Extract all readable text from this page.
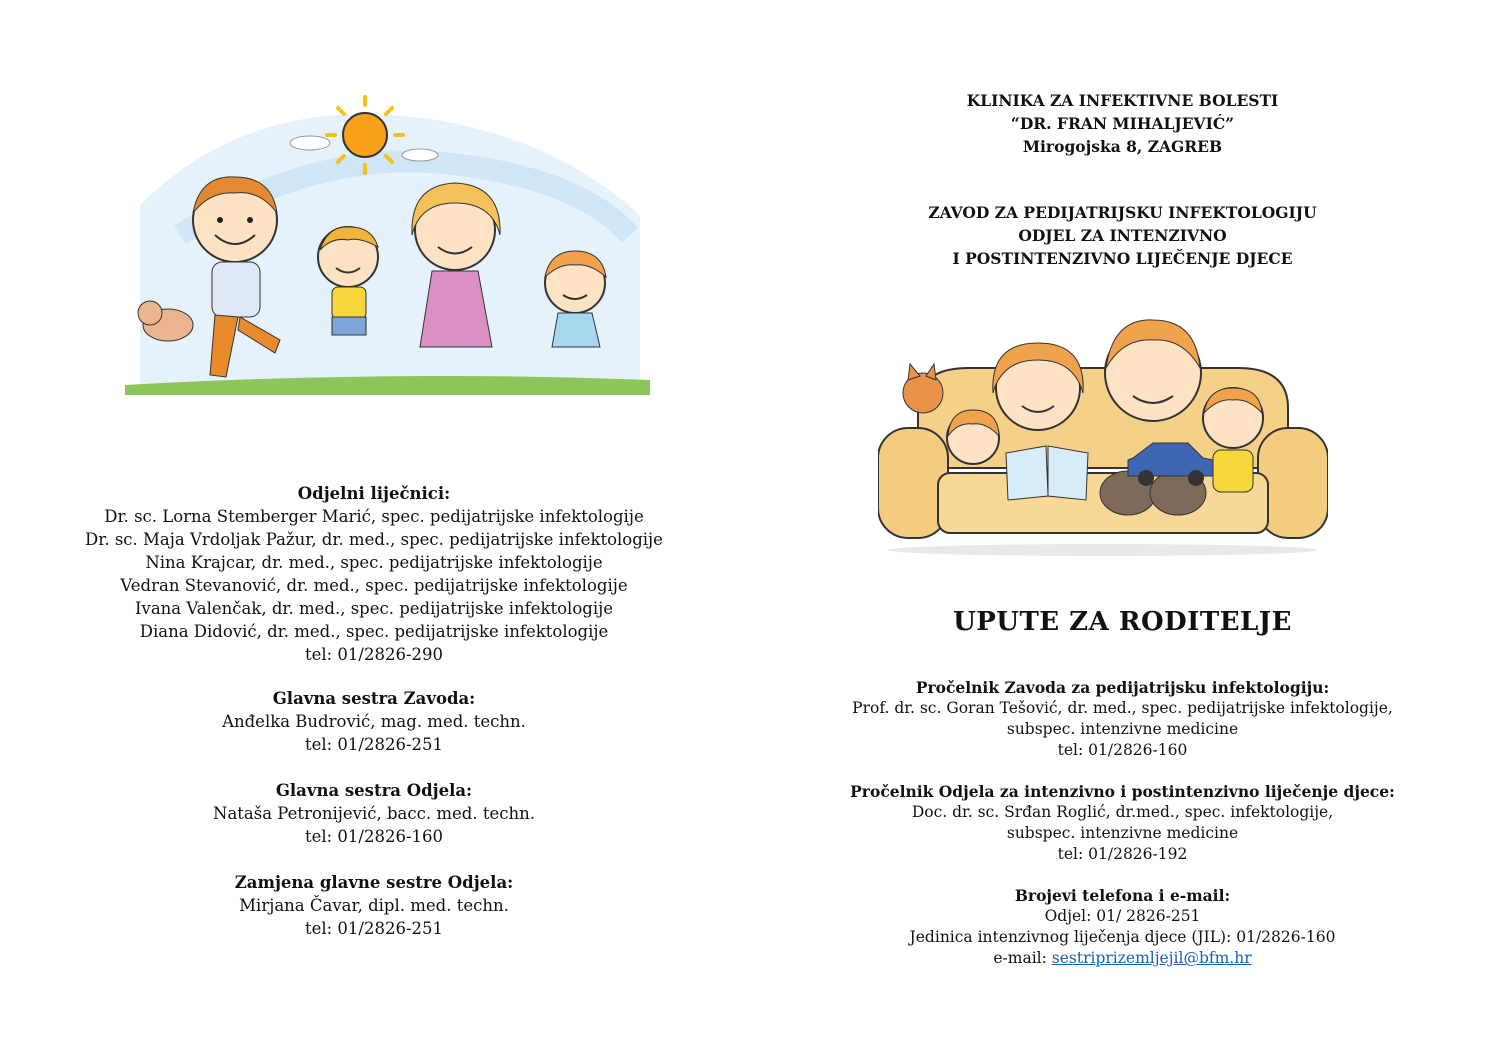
Odjelni liječnici:
Dr. sc. Lorna Stemberger Marić, spec. pedijatrijske infektologije
Dr. sc. Maja Vrdoljak Pažur, dr. med., spec. pedijatrijske infektologije
Nina Krajcar, dr. med., spec. pedijatrijske infektologije
Vedran Stevanović, dr. med., spec. pedijatrijske infektologije
Ivana Valenčak, dr. med., spec. pedijatrijske infektologije
Diana Didović, dr. med., spec. pedijatrijske infektologije
tel: 01/2826-290
Glavna sestra Zavoda:
Anđelka Budrović, mag. med. techn.
tel: 01/2826-251
Glavna sestra Odjela:
Nataša Petronijević, bacc. med. techn.
tel: 01/2826-160
Zamjena glavne sestre Odjela:
Mirjana Čavar, dipl. med. techn.
tel: 01/2826-251
KLINIKA ZA INFEKTIVNE BOLESTI
“DR. FRAN MIHALJEVIĆ”
Mirogojska 8, ZAGREB
ZAVOD ZA PEDIJATRIJSKU INFEKTOLOGIJU
ODJEL ZA INTENZIVNO
I POSTINTENZIVNO LIJEČENJE DJECE
UPUTE ZA RODITELJE
Pročelnik Zavoda za pedijatrijsku infektologiju:
Prof. dr. sc. Goran Tešović, dr. med., spec. pedijatrijske infektologije,
subspec. intenzivne medicine
tel: 01/2826-160
Pročelnik Odjela za intenzivno i postintenzivno liječenje djece:
Doc. dr. sc. Srđan Roglić, dr.med., spec. infektologije,
subspec. intenzivne medicine
tel: 01/2826-192
Brojevi telefona i e-mail:
Odjel: 01/ 2826-251
Jedinica intenzivnog liječenja djece (JIL): 01/2826-160
e-mail: sestriprizemljejil@bfm.hr
